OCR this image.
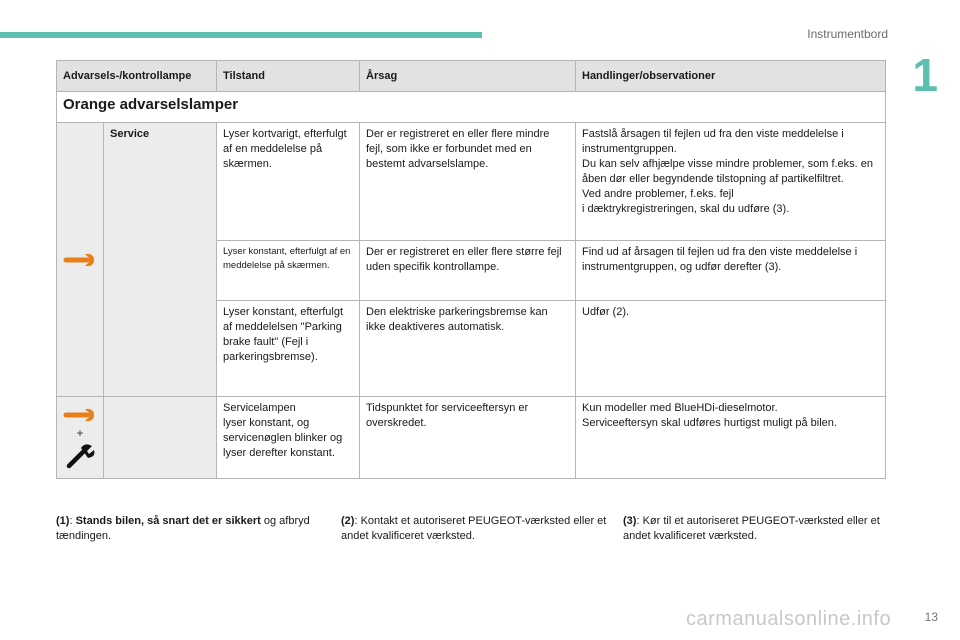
Instrumentbord
1
Advarsels-/kontrollampe		Tilstand	Årsag	Handlinger/observationer
Orange advarselslamper				

	Service	Lyser kortvarigt, efterfulgt af en meddelelse på skærmen.	Der er registreret en eller flere mindre fejl, som ikke er forbundet med en bestemt advarselslampe.	Fastslå årsagen til fejlen ud fra den viste meddelelse i instrumentgruppen.
Du kan selv afhjælpe visse mindre problemer, som f.eks. en åben dør eller begyndende tilstopning af partikelfiltret.
Ved andre problemer, f.eks. fejl
i dæktrykregistreringen, skal du udføre (3).
		Lyser konstant, efterfulgt af en meddelelse på skærmen.	Der er registreret en eller flere større fejl uden specifik kontrollampe.	Find ud af årsagen til fejlen ud fra den viste meddelelse i instrumentgruppen, og udfør derefter (3).
		Lyser konstant, efterfulgt af meddelelsen "Parking brake fault" (Fejl i parkeringsbremse).	Den elektriske parkeringsbremse kan ikke deaktiveres automatisk.	Udfør (2).

+		Servicelampen
lyser konstant, og servicenøglen blinker og lyser derefter konstant.	Tidspunktet for serviceeftersyn er overskredet.	Kun modeller med BlueHDi-dieselmotor.
Serviceeftersyn skal udføres hurtigst muligt på bilen.
(1): Stands bilen, så snart det er sikkert og afbryd tændingen.
(2): Kontakt et autoriseret PEUGEOT-værksted eller et andet kvalificeret værksted.
(3): Kør til et autoriseret PEUGEOT-værksted eller et andet kvalificeret værksted.
carmanualsonline.info	13
